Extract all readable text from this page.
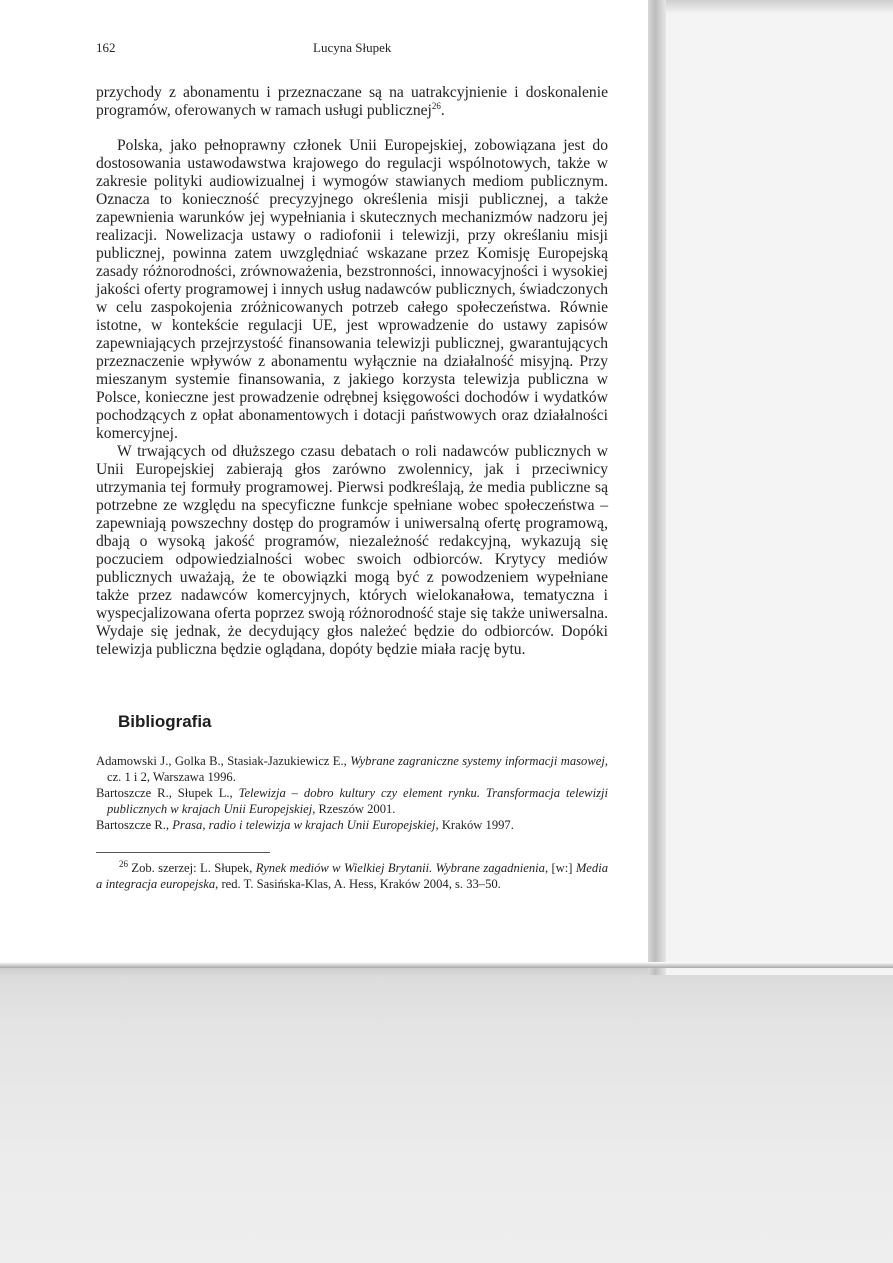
162	Lucyna Słupek

przychody z abonamentu i przeznaczane są na uatrakcyjnienie i doskonalenie programów, oferowanych w ramach usługi publicznej$^{26}$.

Polska, jako pełnoprawny członek Unii Europejskiej, zobowiązana jest do dostosowania ustawodawstwa krajowego do regulacji wspólnotowych, także w zakresie polityki audiowizualnej i wymogów stawianych mediom publicznym. Oznacza to konieczność precyzyjnego określenia misji publicznej, a także zapewnienia warunków jej wypełniania i skutecznych mechanizmów nadzoru jej realizacji. Nowelizacja ustawy o radiofonii i telewizji, przy określaniu misji publicznej, powinna zatem uwzględniać wskazane przez Komisję Europejską zasady różnorodności, zrównoważenia, bezstronności, innowacyjności i wysokiej jakości oferty programowej i innych usług nadawców publicznych, świadczonych w celu zaspokojenia zróżnicowanych potrzeb całego społeczeństwa. Równie istotne, w kontekście regulacji UE, jest wprowadzenie do ustawy zapisów zapewniających przejrzystość finansowania telewizji publicznej, gwarantujących przeznaczenie wpływów z abonamentu wyłącznie na działalność misyjną. Przy mieszanym systemie finansowania, z jakiego korzysta telewizja publiczna w Polsce, konieczne jest prowadzenie odrębnej księgowości dochodów i wydatków pochodzących z opłat abonamentowych i dotacji państwowych oraz działalności komercyjnej.

W trwających od dłuższego czasu debatach o roli nadawców publicznych w Unii Europejskiej zabierają głos zarówno zwolennicy, jak i przeciwnicy utrzymania tej formuły programowej. Pierwsi podkreślają, że media publiczne są potrzebne ze względu na specyficzne funkcje spełniane wobec społeczeństwa – zapewniają powszechny dostęp do programów i uniwersalną ofertę programową, dbają o wysoką jakość programów, niezależność redakcyjną, wykazują się poczuciem odpowiedzialności wobec swoich odbiorców. Krytycy mediów publicznych uważają, że te obowiązki mogą być z powodzeniem wypełniane także przez nadawców komercyjnych, których wielokanałowa, tematyczna i wyspecjalizowana oferta poprzez swoją różnorodność staje się także uniwersalna. Wydaje się jednak, że decydujący głos należeć będzie do odbiorców. Dopóki telewizja publiczna będzie oglądana, dopóty będzie miała rację bytu.

Bibliografia
Adamowski J., Golka B., Stasiak-Jazukiewicz E., Wybrane zagraniczne systemy informacji masowej, cz. 1 i 2, Warszawa 1996.
Bartoszcze R., Słupek L., Telewizja – dobro kultury czy element rynku. Transformacja telewizji publicznych w krajach Unii Europejskiej, Rzeszów 2001.
Bartoszcze R., Prasa, radio i telewizja w krajach Unii Europejskiej, Kraków 1997.
$^{26}$ Zob. szerzej: L. Słupek, Rynek mediów w Wielkiej Brytanii. Wybrane zagadnienia, [w:] Media a integracja europejska, red. T. Sasińska-Klas, A. Hess, Kraków 2004, s. 33–50.
